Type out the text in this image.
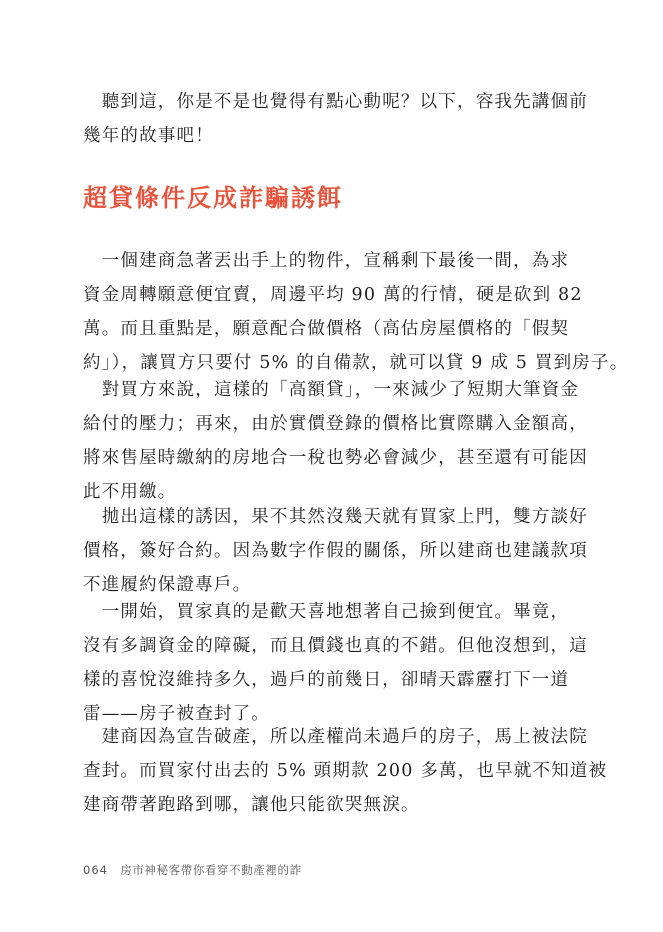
　聽到這，你是不是也覺得有點心動呢？以下，容我先講個前
幾年的故事吧！

超貸條件反成詐騙誘餌

　一個建商急著丟出手上的物件，宣稱剩下最後一間，為求
資金周轉願意便宜賣，周邊平均 90 萬的行情，硬是砍到 82
萬。而且重點是，願意配合做價格（高估房屋價格的「假契
約」），讓買方只要付 5% 的自備款，就可以貸 9 成 5 買到房子。

　對買方來說，這樣的「高額貸」，一來減少了短期大筆資金
給付的壓力；再來，由於實價登錄的價格比實際購入金額高，
將來售屋時繳納的房地合一稅也勢必會減少，甚至還有可能因
此不用繳。

　拋出這樣的誘因，果不其然沒幾天就有買家上門，雙方談好
價格，簽好合約。因為數字作假的關係，所以建商也建議款項
不進履約保證專戶。

　一開始，買家真的是歡天喜地想著自己撿到便宜。畢竟，
沒有多調資金的障礙，而且價錢也真的不錯。但他沒想到，這
樣的喜悅沒維持多久，過戶的前幾日，卻晴天霹靂打下一道
雷——房子被查封了。

　建商因為宣告破產，所以產權尚未過戶的房子，馬上被法院
查封。而買家付出去的 5% 頭期款 200 多萬，也早就不知道被
建商帶著跑路到哪，讓他只能欲哭無淚。

064 房市神秘客帶你看穿不動產裡的詐
